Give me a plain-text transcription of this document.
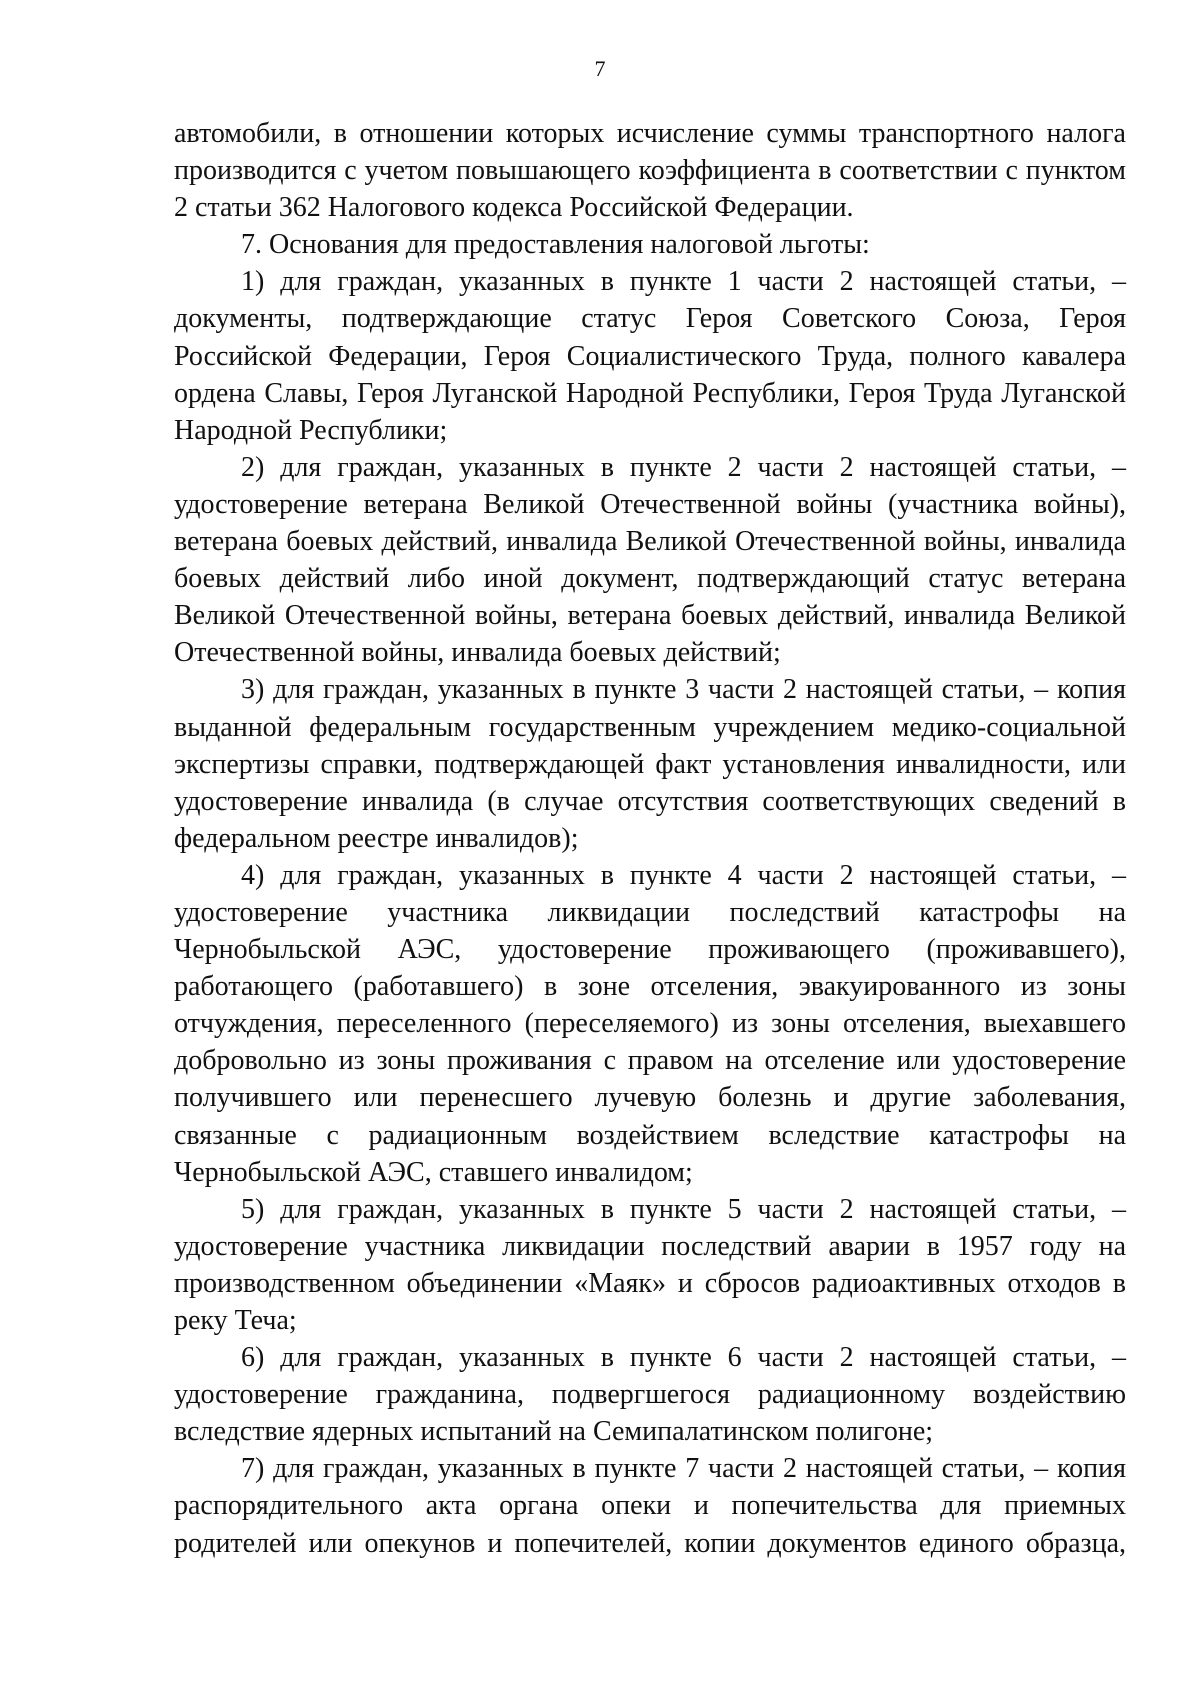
7

автомобили, в отношении которых исчисление суммы транспортного налога производится с учетом повышающего коэффициента в соответствии с пунктом 2 статьи 362 Налогового кодекса Российской Федерации.

7. Основания для предоставления налоговой льготы:

1) для граждан, указанных в пункте 1 части 2 настоящей статьи, – документы, подтверждающие статус Героя Советского Союза, Героя Российской Федерации, Героя Социалистического Труда, полного кавалера ордена Славы, Героя Луганской Народной Республики, Героя Труда Луганской Народной Республики;

2) для граждан, указанных в пункте 2 части 2 настоящей статьи, – удостоверение ветерана Великой Отечественной войны (участника войны), ветерана боевых действий, инвалида Великой Отечественной войны, инвалида боевых действий либо иной документ, подтверждающий статус ветерана Великой Отечественной войны, ветерана боевых действий, инвалида Великой Отечественной войны, инвалида боевых действий;

3) для граждан, указанных в пункте 3 части 2 настоящей статьи, – копия выданной федеральным государственным учреждением медико-социальной экспертизы справки, подтверждающей факт установления инвалидности, или удостоверение инвалида (в случае отсутствия соответствующих сведений в федеральном реестре инвалидов);

4) для граждан, указанных в пункте 4 части 2 настоящей статьи, – удостоверение участника ликвидации последствий катастрофы на Чернобыльской АЭС, удостоверение проживающего (проживавшего), работающего (работавшего) в зоне отселения, эвакуированного из зоны отчуждения, переселенного (переселяемого) из зоны отселения, выехавшего добровольно из зоны проживания с правом на отселение или удостоверение получившего или перенесшего лучевую болезнь и другие заболевания, связанные с радиационным воздействием вследствие катастрофы на Чернобыльской АЭС, ставшего инвалидом;

5) для граждан, указанных в пункте 5 части 2 настоящей статьи, – удостоверение участника ликвидации последствий аварии в 1957 году на производственном объединении «Маяк» и сбросов радиоактивных отходов в реку Теча;

6) для граждан, указанных в пункте 6 части 2 настоящей статьи, – удостоверение гражданина, подвергшегося радиационному воздействию вследствие ядерных испытаний на Семипалатинском полигоне;

7) для граждан, указанных в пункте 7 части 2 настоящей статьи, – копия распорядительного акта органа опеки и попечительства для приемных родителей или опекунов и попечителей, копии документов единого образца,
